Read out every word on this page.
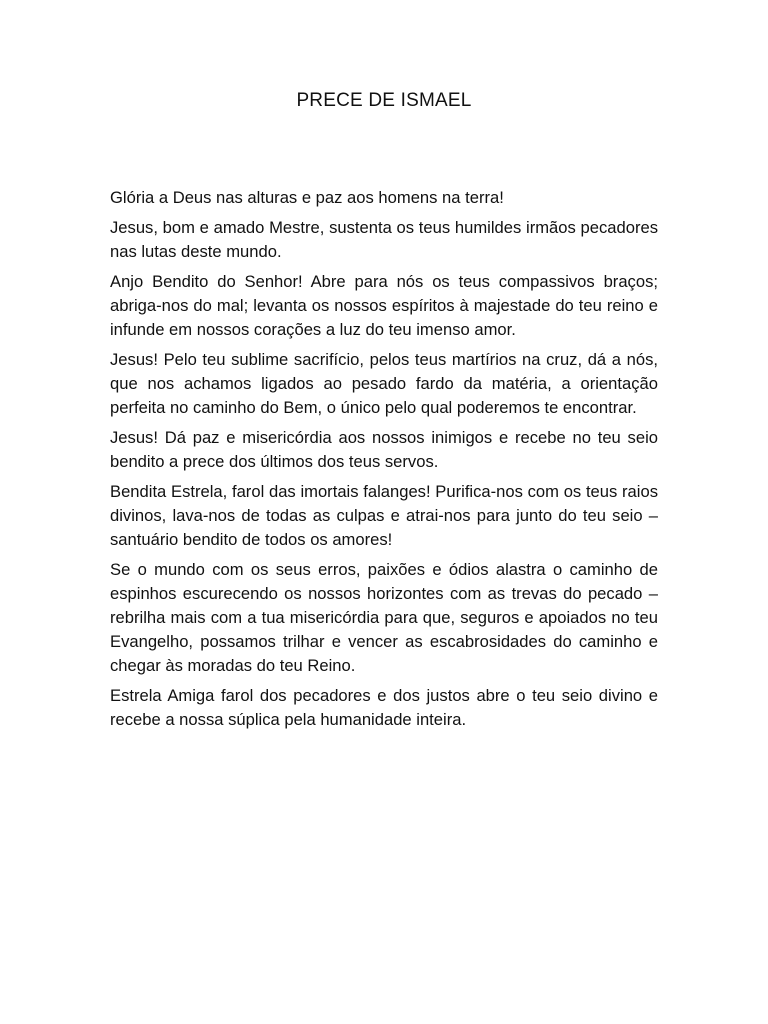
PRECE DE ISMAEL

Glória a Deus nas alturas e paz aos homens na terra!

Jesus, bom e amado Mestre, sustenta os teus humildes irmãos pecadores nas lutas deste mundo.

Anjo Bendito do Senhor! Abre para nós os teus compassivos braços; abriga-nos do mal; levanta os nossos espíritos à majestade do teu reino e infunde em nossos corações a luz do teu imenso amor.

Jesus! Pelo teu sublime sacrifício, pelos teus martírios na cruz, dá a nós, que nos achamos ligados ao pesado fardo da matéria, a orientação perfeita no caminho do Bem, o único pelo qual poderemos te encontrar.

Jesus! Dá paz e misericórdia aos nossos inimigos e recebe no teu seio bendito a prece dos últimos dos teus servos.

Bendita Estrela, farol das imortais falanges! Purifica-nos com os teus raios divinos, lava-nos de todas as culpas e atrai-nos para junto do teu seio – santuário bendito de todos os amores!

Se o mundo com os seus erros, paixões e ódios alastra o caminho de espinhos escurecendo os nossos horizontes com as trevas do pecado – rebrilha mais com a tua misericórdia para que, seguros e apoiados no teu Evangelho, possamos trilhar e vencer as escabrosidades do caminho e chegar às moradas do teu Reino.

Estrela Amiga farol dos pecadores e dos justos abre o teu seio divino e recebe a nossa súplica pela humanidade inteira.
